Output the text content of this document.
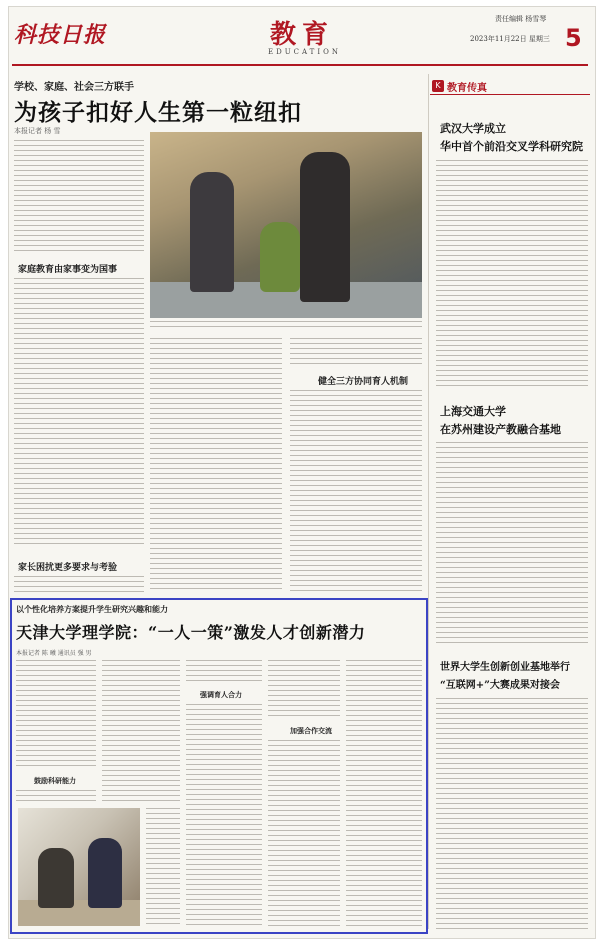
科技日报	教育
EDUCATION
责任编辑 杨雪琴
2023年11月22日 星期三 5
学校、家庭、社会三方联手
为孩子扣好人生第一粒纽扣
本报记者 杨 雪
家庭教育由家事变为国事
家长困扰更多要求与考验
健全三方协同育人机制
K 教育传真
武汉大学成立
华中首个前沿交叉学科研究院
上海交通大学
在苏州建设产教融合基地
世界大学生创新创业基地举行
“互联网+”大赛成果对接会
以个性化培养方案提升学生研究兴趣和能力
天津大学理学院：“一人一策”激发人才创新潜力
本报记者 陈 曦 通讯员 强 男
鼓励科研能力
强调育人合力
加强合作交流
